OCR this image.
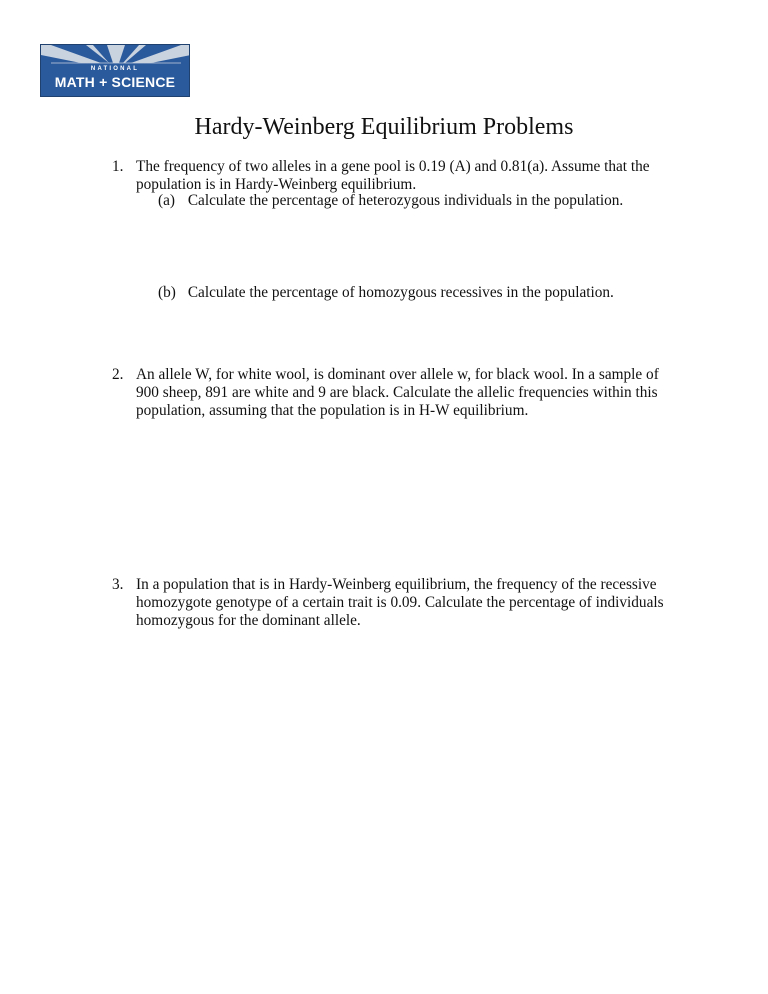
NATIONAL
MATH + SCIENCE
Hardy-Weinberg Equilibrium Problems
1. The frequency of two alleles in a gene pool is 0.19 (A) and 0.81(a). Assume that the population is in Hardy-Weinberg equilibrium.
(a) Calculate the percentage of heterozygous individuals in the population.
(b) Calculate the percentage of homozygous recessives in the population.
2. An allele W, for white wool, is dominant over allele w, for black wool. In a sample of 900 sheep, 891 are white and 9 are black. Calculate the allelic frequencies within this population, assuming that the population is in H-W equilibrium.
3. In a population that is in Hardy-Weinberg equilibrium, the frequency of the recessive homozygote genotype of a certain trait is 0.09. Calculate the percentage of individuals homozygous for the dominant allele.
